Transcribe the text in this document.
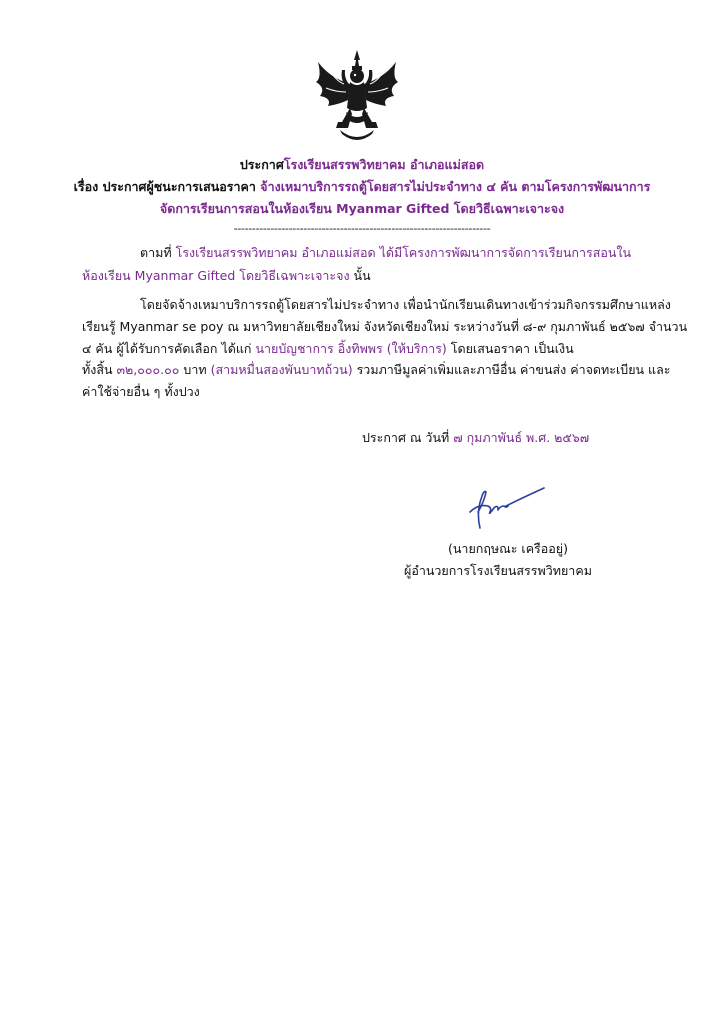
ประกาศโรงเรียนสรรพวิทยาคม อำเภอแม่สอด
เรื่อง ประกาศผู้ชนะการเสนอราคา จ้างเหมาบริการรถตู้โดยสารไม่ประจำทาง ๔ คัน ตามโครงการพัฒนาการ
จัดการเรียนการสอนในห้องเรียน Myanmar Gifted โดยวิธีเฉพาะเจาะจง
----------------------------------------------------------------------
ตามที่ โรงเรียนสรรพวิทยาคม อำเภอแม่สอด ได้มีโครงการพัฒนาการจัดการเรียนการสอนใน
ห้องเรียน Myanmar Gifted โดยวิธีเฉพาะเจาะจง นั้น
โดยจัดจ้างเหมาบริการรถตู้โดยสารไม่ประจำทาง เพื่อนำนักเรียนเดินทางเข้าร่วมกิจกรรมศึกษาแหล่ง
เรียนรู้ Myanmar se poy ณ มหาวิทยาลัยเชียงใหม่ จังหวัดเชียงใหม่ ระหว่างวันที่ ๘-๙ กุมภาพันธ์ ๒๕๖๗ จำนวน
๔ คัน ผู้ได้รับการคัดเลือก ได้แก่ นายบัญชาการ อิ้งทิพพร (ให้บริการ) โดยเสนอราคา เป็นเงิน
ทั้งสิ้น ๓๒,๐๐๐.๐๐ บาท (สามหมื่นสองพันบาทถ้วน) รวมภาษีมูลค่าเพิ่มและภาษีอื่น ค่าขนส่ง ค่าจดทะเบียน และ
ค่าใช้จ่ายอื่น ๆ ทั้งปวง
ประกาศ ณ วันที่ ๗ กุมภาพันธ์ พ.ศ. ๒๕๖๗
(นายกฤษณะ เครืออยู่)
ผู้อำนวยการโรงเรียนสรรพวิทยาคม
